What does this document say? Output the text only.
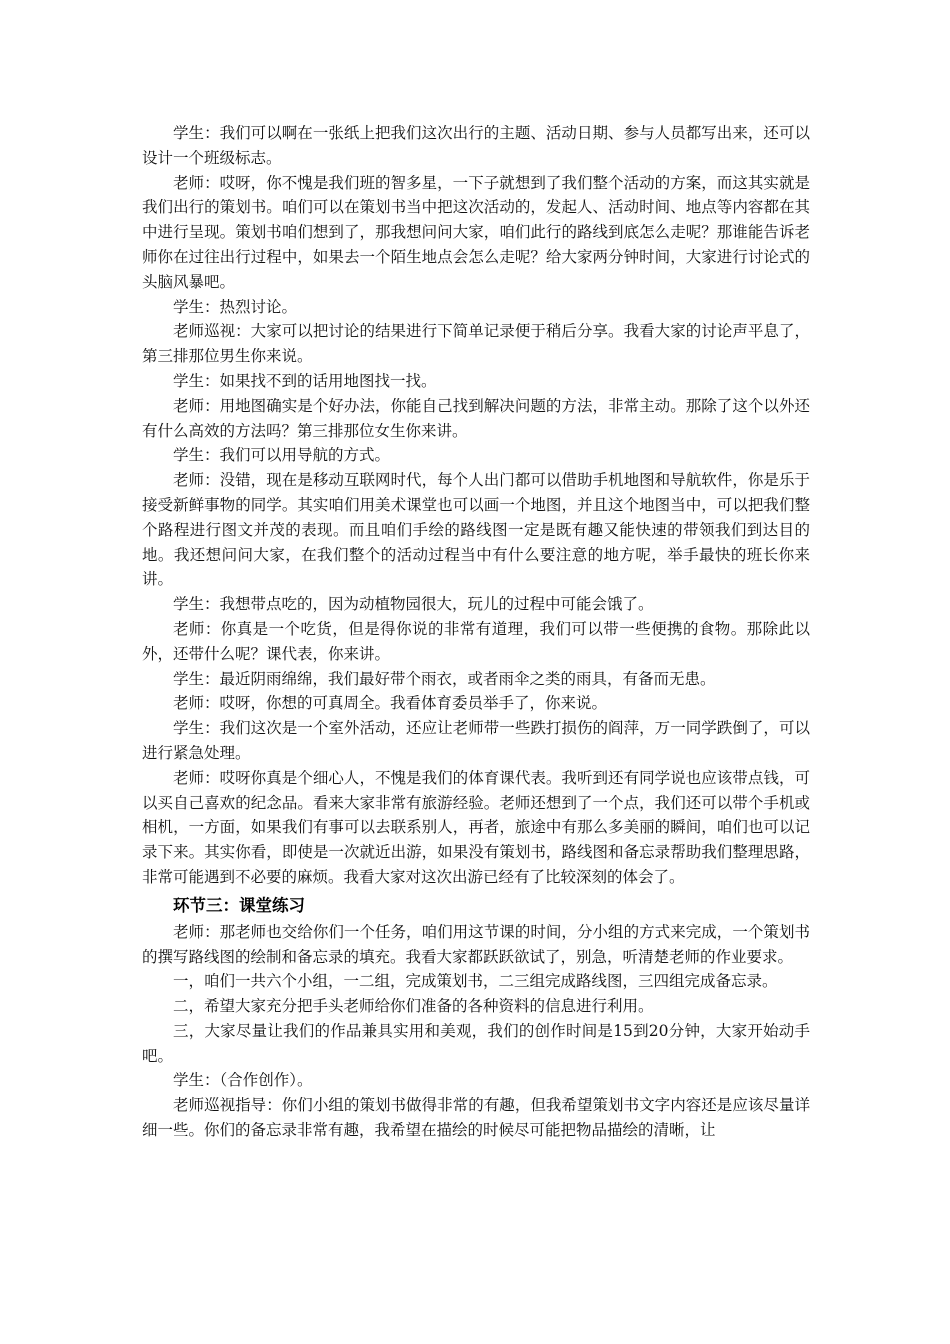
学生：我们可以啊在一张纸上把我们这次出行的主题、活动日期、参与人员都写出来，还可以设计一个班级标志。

老师：哎呀，你不愧是我们班的智多星，一下子就想到了我们整个活动的方案，而这其实就是我们出行的策划书。咱们可以在策划书当中把这次活动的，发起人、活动时间、地点等内容都在其中进行呈现。策划书咱们想到了，那我想问问大家，咱们此行的路线到底怎么走呢？那谁能告诉老师你在过往出行过程中，如果去一个陌生地点会怎么走呢？给大家两分钟时间，大家进行讨论式的头脑风暴吧。

学生：热烈讨论。

老师巡视：大家可以把讨论的结果进行下简单记录便于稍后分享。我看大家的讨论声平息了，第三排那位男生你来说。

学生：如果找不到的话用地图找一找。

老师：用地图确实是个好办法，你能自己找到解决问题的方法，非常主动。那除了这个以外还有什么高效的方法吗？第三排那位女生你来讲。

学生：我们可以用导航的方式。

老师：没错，现在是移动互联网时代，每个人出门都可以借助手机地图和导航软件，你是乐于接受新鲜事物的同学。其实咱们用美术课堂也可以画一个地图，并且这个地图当中，可以把我们整个路程进行图文并茂的表现。而且咱们手绘的路线图一定是既有趣又能快速的带领我们到达目的地。我还想问问大家，在我们整个的活动过程当中有什么要注意的地方呢，举手最快的班长你来讲。

学生：我想带点吃的，因为动植物园很大，玩儿的过程中可能会饿了。

老师：你真是一个吃货，但是得你说的非常有道理，我们可以带一些便携的食物。那除此以外，还带什么呢？课代表，你来讲。

学生：最近阴雨绵绵，我们最好带个雨衣，或者雨伞之类的雨具，有备而无患。

老师：哎呀，你想的可真周全。我看体育委员举手了，你来说。

学生：我们这次是一个室外活动，还应让老师带一些跌打损伤的阎萍，万一同学跌倒了，可以进行紧急处理。

老师：哎呀你真是个细心人，不愧是我们的体育课代表。我听到还有同学说也应该带点钱，可以买自己喜欢的纪念品。看来大家非常有旅游经验。老师还想到了一个点，我们还可以带个手机或相机，一方面，如果我们有事可以去联系别人，再者，旅途中有那么多美丽的瞬间，咱们也可以记录下来。其实你看，即使是一次就近出游，如果没有策划书，路线图和备忘录帮助我们整理思路，非常可能遇到不必要的麻烦。我看大家对这次出游已经有了比较深刻的体会了。

环节三：课堂练习

老师：那老师也交给你们一个任务，咱们用这节课的时间，分小组的方式来完成，一个策划书的撰写路线图的绘制和备忘录的填充。我看大家都跃跃欲试了，别急，听清楚老师的作业要求。

一，咱们一共六个小组，一二组，完成策划书，二三组完成路线图，三四组完成备忘录。

二，希望大家充分把手头老师给你们准备的各种资料的信息进行利用。

三，大家尽量让我们的作品兼具实用和美观，我们的创作时间是15到20分钟，大家开始动手吧。

学生：（合作创作）。

老师巡视指导：你们小组的策划书做得非常的有趣，但我希望策划书文字内容还是应该尽量详细一些。你们的备忘录非常有趣，我希望在描绘的时候尽可能把物品描绘的清晰，让
